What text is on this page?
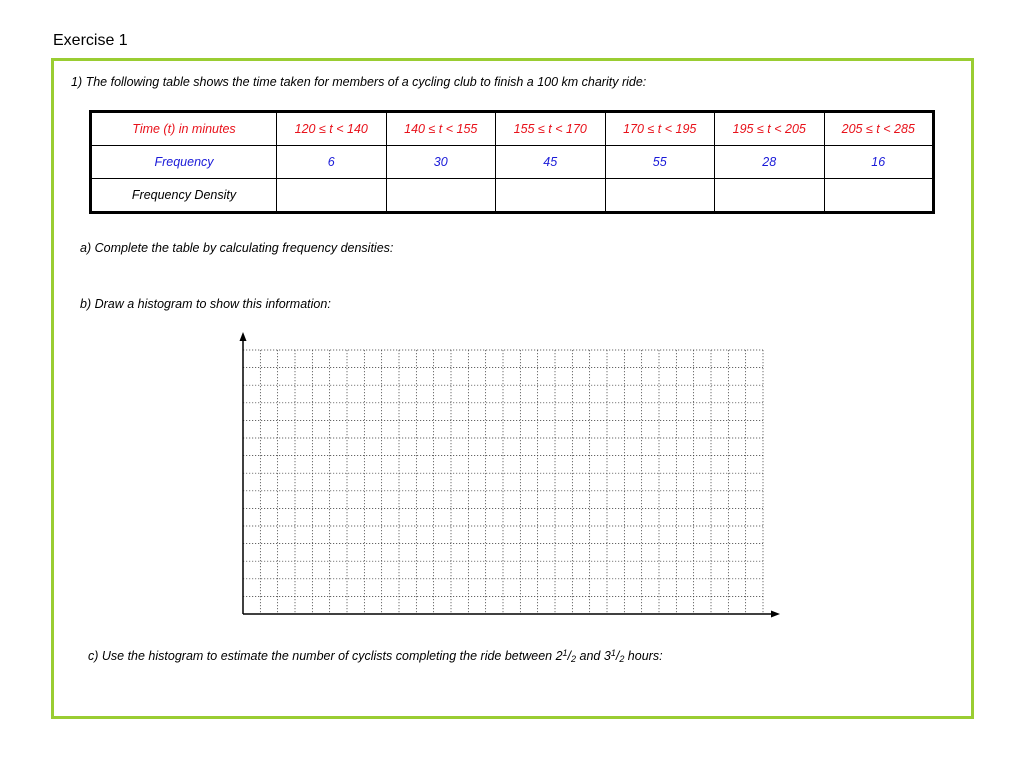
Exercise 1
1) The following table shows the time taken for members of a cycling club to finish a 100 km charity ride:
Time (t) in minutes	120 ≤ t < 140	140 ≤ t < 155	155 ≤ t < 170	170 ≤ t < 195	195 ≤ t < 205	205 ≤ t < 285
Frequency	6	30	45	55	28	16
Frequency Density						
a) Complete the table by calculating frequency densities:
b) Draw a histogram to show this information:
c) Use the histogram to estimate the number of cyclists completing the ride between $2^1/_2$ and $3^1/_2$ hours:
